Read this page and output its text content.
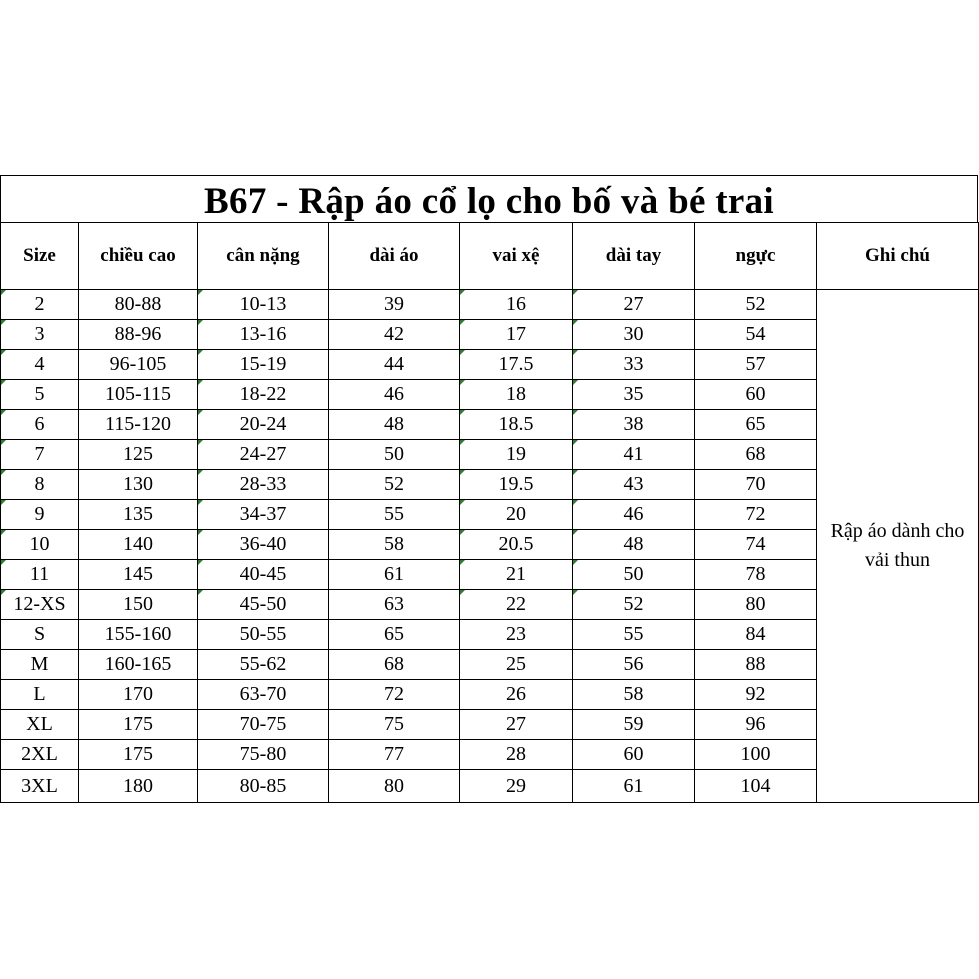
B67 - Rập áo cổ lọ cho bố và bé trai
Size	chiều cao	cân nặng	dài áo	vai xệ	dài tay	ngực	Ghi chú
2	80-88	10-13	39	16	27	52	Rập áo dành cho vải thun
3	88-96	13-16	42	17	30	54	
4	96-105	15-19	44	17.5	33	57	
5	105-115	18-22	46	18	35	60	
6	115-120	20-24	48	18.5	38	65	
7	125	24-27	50	19	41	68	
8	130	28-33	52	19.5	43	70	
9	135	34-37	55	20	46	72	
10	140	36-40	58	20.5	48	74	
11	145	40-45	61	21	50	78	
12-XS	150	45-50	63	22	52	80	
S	155-160	50-55	65	23	55	84	
M	160-165	55-62	68	25	56	88	
L	170	63-70	72	26	58	92	
XL	175	70-75	75	27	59	96	
2XL	175	75-80	77	28	60	100	
3XL	180	80-85	80	29	61	104	
